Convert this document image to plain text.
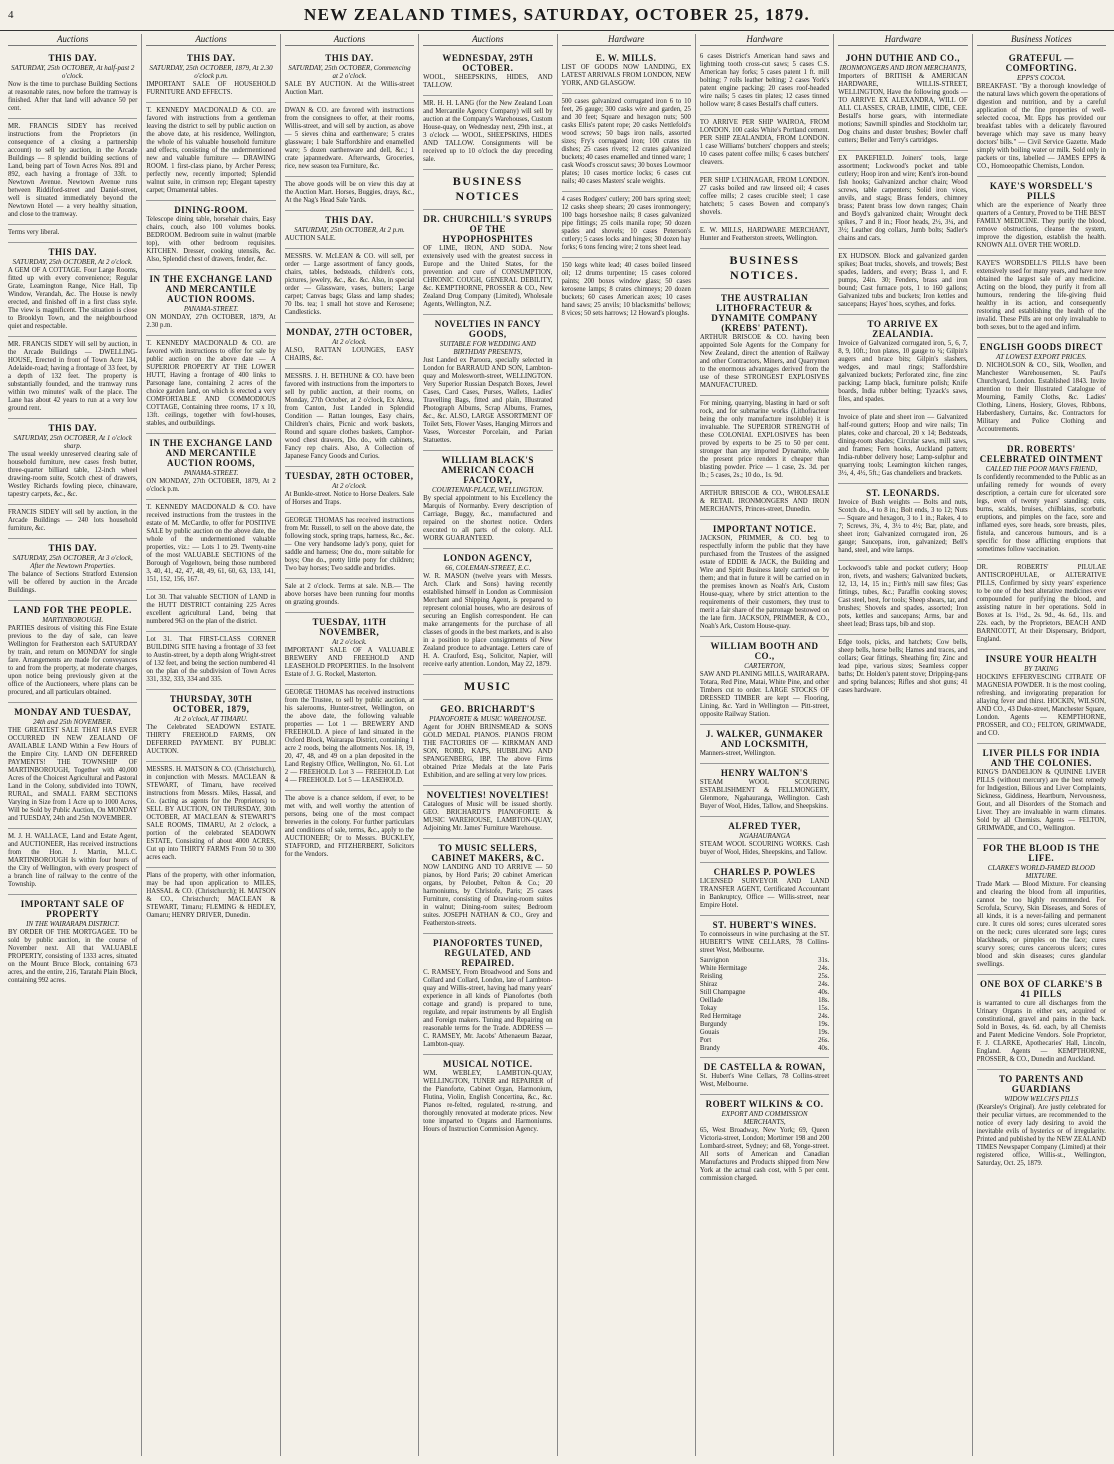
4	NEW ZEALAND TIMES, SATURDAY, OCTOBER 25, 1879.
Auctions
THIS DAY.
SATURDAY, 25th OCTOBER, At half-past 2 o'clock.
Now is the time to purchase Building Sections at reasonable rates, now before the tramway is finished. After that land will advance 50 per cent.
MR. FRANCIS SIDEY has received instructions from the Proprietors (in consequence of a closing a partnership account) to sell by auction, in the Arcade Buildings — 8 splendid building sections of Land, being part of Town Acres Nos. 891 and 892, each having a frontage of 33ft. to Newtown Avenue. Newtown Avenue runs between Riddiford-street and Daniel-street, well is situated immediately beyond the Newtown Hotel — a very healthy situation, and close to the tramway.
Terms very liberal.
THIS DAY.
SATURDAY, 25th OCTOBER, At 2 o'clock.
A GEM OF A COTTAGE. Four Large Rooms, fitted up with every convenience; Regular Grate, Leamington Range, Nice Hall, Tip Window, Verandah, &c. The House is newly erected, and finished off in a first class style. The view is magnificent. The situation is close to Brooklyn Town, and the neighbourhood quiet and respectable.
MR. FRANCIS SIDEY will sell by auction, in the Arcade Buildings — DWELLING-HOUSE, Erected in front of Town Acre 134, Adelaide-road; having a frontage of 33 feet, by a depth of 132 feet. The property is substantially founded, and the tramway runs within two minutes' walk of the place. The Lane has about 42 years to run at a very low ground rent.
THIS DAY.
SATURDAY, 25th OCTOBER, At 1 o'clock sharp.
The usual weekly unreserved clearing sale of household furniture, new cases fresh butter, three-quarter billiard table, 12-inch wheel drawing-room suite, Scotch chest of drawers, Westley Richards fowling piece, chinaware, tapestry carpets, &c., &c.
FRANCIS SIDEY will sell by auction, in the Arcade Buildings — 240 lots household furniture, &c.
THIS DAY.
SATURDAY, 25th OCTOBER, At 3 o'clock, After the Newtown Properties.
The balance of Sections Stratford Extension will be offered by auction in the Arcade Buildings.
LAND FOR THE PEOPLE.
MARTINBOROUGH.
PARTIES desirous of visiting this Fine Estate previous to the day of sale, can leave Wellington for Featherston each SATURDAY by train, and return on MONDAY for single fare. Arrangements are made for conveyances to and from the property, at moderate charges, upon notice being previously given at the office of the Auctioneers, where plans can be procured, and all particulars obtained.
MONDAY AND TUESDAY,
24th and 25th NOVEMBER.
THE GREATEST SALE THAT HAS EVER OCCURRED IN NEW ZEALAND OF AVAILABLE LAND Within a Few Hours of the Empire City. LAND ON DEFERRED PAYMENTS! THE TOWNSHIP OF MARTINBOROUGH, Together with 40,000 Acres of the Choicest Agricultural and Pastoral Land in the Colony, subdivided into TOWN, RURAL, and SMALL FARM SECTIONS Varying in Size from 1 Acre up to 1000 Acres, Will be Sold by Public Auction, On MONDAY and TUESDAY, 24th and 25th NOVEMBER.
M. J. H. WALLACE, Land and Estate Agent, and AUCTIONEER, Has received instructions from the Hon. J. Martin, M.L.C. MARTINBOROUGH Is within four hours of the City of Wellington, with every prospect of a branch line of railway to the centre of the Township.
IMPORTANT SALE OF PROPERTY
IN THE WAIRARAPA DISTRICT.
BY ORDER OF THE MORTGAGEE. TO be sold by public auction, in the course of November next. All that VALUABLE PROPERTY, consisting of 1333 acres, situated on the Mount Bruce Block, containing 673 acres, and the entire, 216, Taratahi Plain Block, containing 992 acres.
Auctions
THIS DAY.
SATURDAY, 25th OCTOBER, 1879, At 2.30 o'clock p.m.
IMPORTANT SALE OF HOUSEHOLD FURNITURE AND EFFECTS.
T. KENNEDY MACDONALD & CO. are favored with instructions from a gentleman leaving the district to sell by public auction on the above date, at his residence, Wellington, the whole of his valuable household furniture and effects, consisting of the undermentioned new and valuable furniture — DRAWING ROOM. 1 first-class piano, by Archer Peress; perfectly new, recently imported; Splendid walnut suite, in crimson rep; Elegant tapestry carpet; Ornamental tables.
DINING-ROOM.
Telescope dining table, horsehair chairs, Easy chairs, couch, also 100 volumes books. BEDROOM. Bedroom suite in walnut (marble top), with other bedroom requisites. KITCHEN. Dresser, cooking utensils, &c. Also, Splendid chest of drawers, fender, &c.
IN THE EXCHANGE LAND AND MERCANTILE AUCTION ROOMS.
PANAMA-STREET.
ON MONDAY, 27th OCTOBER, 1879, At 2.30 p.m.
T. KENNEDY MACDONALD & CO. are favored with instructions to offer for sale by public auction on the above date — A SUPERIOR PROPERTY AT THE LOWER HUTT, Having a frontage of 400 links to Parsonage lane, containing 2 acres of the choice garden land, on which is erected a very COMFORTABLE AND COMMODIOUS COTTAGE, Containing three rooms, 17 x 10, 13ft. ceilings, together with fowl-houses, stables, and outbuildings.
IN THE EXCHANGE LAND AND MERCANTILE AUCTION ROOMS,
PANAMA-STREET.
ON MONDAY, 27th OCTOBER, 1879, At 2 o'clock p.m.
T. KENNEDY MACDONALD & CO. have received instructions from the trustees in the estate of M. McCardle, to offer for POSITIVE SALE by public auction on the above date, the whole of the undermentioned valuable properties, viz.: — Lots 1 to 29. Twenty-nine of the most VALUABLE SECTIONS of the Borough of Vogeltown, being those numbered 3, 40, 41, 42, 47, 48, 49, 61, 60, 63, 133, 141, 151, 152, 156, 167.
Lot 30. That valuable SECTION of LAND in the HUTT DISTRICT containing 225 Acres excellent agricultural Land, being that numbered 963 on the plan of the district.
Lot 31. That FIRST-CLASS CORNER BUILDING SITE having a frontage of 33 feet to Austin-street, by a depth along Wright-street of 132 feet, and being the section numbered 41 on the plan of the subdivision of Town Acres 331, 332, 333, 334 and 335.
THURSDAY, 30TH OCTOBER, 1879,
At 2 o'clock, AT TIMARU.
The Celebrated SEADOWN ESTATE. THIRTY FREEHOLD FARMS, ON DEFERRED PAYMENT. BY PUBLIC AUCTION.
MESSRS. H. MATSON & CO. (Christchurch), in conjunction with Messrs. MACLEAN & STEWART, of Timaru, have received instructions from Messrs. Miles, Hassal, and Co. (acting as agents for the Proprietors) to SELL BY AUCTION, ON THURSDAY, 30th OCTOBER, AT MACLEAN & STEWART'S SALE ROOMS, TIMARU, At 2 o'clock, a portion of the celebrated SEADOWN ESTATE, Consisting of about 4000 ACRES, Cut up into THIRTY FARMS From 50 to 300 acres each.
Plans of the property, with other information, may be had upon application to MILES, HASSAL & CO. (Christchurch); H. MATSON & CO., Christchurch; MACLEAN & STEWART, Timaru; FLEMING & HEDLEY, Oamaru; HENRY DRIVER, Dunedin.
Auctions
THIS DAY.
SATURDAY, 25th OCTOBER, Commencing at 2 o'clock.
SALE BY AUCTION. At the Willis-street Auction Mart.
DWAN & CO. are favored with instructions from the consignees to offer, at their rooms, Willis-street, and will sell by auction, as above — 5 sieves china and earthenware; 5 crates glassware; 1 bale Staffordshire and enamelled ware; 5 dozen earthenware and dell, &c.; 1 crate japannedware. Afterwards, Groceries, rice, new season tea Furniture, &c.
The above goods will be on view this day at the Auction Mart. Horses, Buggies, drays, &c., At the Nag's Head Sale Yards.
THIS DAY.
SATURDAY, 25th OCTOBER, At 2 p.m.
AUCTION SALE.
MESSRS. W. McLEAN & CO. will sell, per order — Large assortment of fancy goods, chairs, tables, bedsteads, children's cots, pictures, jewelry, &c., &c. &c. Also, in special order — Glassware, vases, butters; Large carpet; Canvas bags; Glass and lamp shades; 70 lbs. tea; 1 small hot stove and Kerosene; Candlesticks.
MONDAY, 27TH OCTOBER,
At 2 o'clock.
ALSO, RATTAN LOUNGES, EASY CHAIRS, &c.
MESSRS. J. H. BETHUNE & CO. have been favored with instructions from the importers to sell by public auction, at their rooms, on Monday, 27th October, at 2 o'clock, Ex Alexa, from Canton, Just Landed in Splendid Condition — Rattan lounges, Easy chairs, Children's chairs, Picnic and work baskets, Round and square clothes baskets, Camphor-wood chest drawers, Do. do., with cabinets, Fancy rep chairs. Also, A Collection of Japanese Fancy Goods and Curios.
TUESDAY, 28TH OCTOBER,
At 2 o'clock.
At Bunkle-street. Notice to Horse Dealers. Sale of Horses and Traps.
GEORGE THOMAS has received instructions from Mr. Russell, to sell on the above date, the following stock, spring traps, harness, &c., &c. — One very handsome lady's pony, quiet for saddle and harness; One do., more suitable for boys; One do., pretty little pony for children; Two bay horses; Two saddle and bridles.
Sale at 2 o'clock. Terms at sale. N.B.— The above horses have been running four months on grazing grounds.
TUESDAY, 11TH NOVEMBER,
At 2 o'clock.
IMPORTANT SALE OF A VALUABLE BREWERY AND FREEHOLD AND LEASEHOLD PROPERTIES. In the Insolvent Estate of J. G. Rockel, Masterton.
GEORGE THOMAS has received instructions from the Trustee, to sell by public auction, at his salerooms, Hunter-street, Wellington, on the above date, the following valuable properties — Lot 1 — BREWERY AND FREEHOLD. A piece of land situated in the Oxford Block, Wairarapa District, containing 1 acre 2 roods, being the allotments Nos. 18, 19, 20, 47, 48, and 49 on a plan deposited in the Land Registry Office, Wellington, No. 61. Lot 2 — FREEHOLD. Lot 3 — FREEHOLD. Lot 4 — FREEHOLD. Lot 5 — LEASEHOLD.
The above is a chance seldom, if ever, to be met with, and well worthy the attention of persons, being one of the most compact breweries in the colony. For further particulars and conditions of sale, terms, &c., apply to the AUCTIONEER; Or to Messrs. BUCKLEY, STAFFORD, and FITZHERBERT, Solicitors for the Vendors.
Auctions
WEDNESDAY, 29TH OCTOBER.
WOOL, SHEEPSKINS, HIDES, AND TALLOW.
MR. H. H. LANG (for the New Zealand Loan and Mercantile Agency Company) will sell by auction at the Company's Warehouses, Custom House-quay, on Wednesday next, 29th inst., at 3 o'clock — WOOL, SHEEPSKINS, HIDES AND TALLOW. Consignments will be received up to 10 o'clock the day preceding sale.
BUSINESS NOTICES
DR. CHURCHILL'S SYRUPS OF THE HYPOPHOSPHITES
OF LIME, IRON, AND SODA. Now extensively used with the greatest success in Europe and the United States, for the prevention and cure of CONSUMPTION, CHRONIC COUGH, GENERAL DEBILITY, &c. KEMPTHORNE, PROSSER & CO., New Zealand Drug Company (Limited), Wholesale Agents, Wellington, N.Z.
NOVELTIES IN FANCY GOODS,
SUITABLE FOR WEDDING AND BIRTHDAY PRESENTS,
Just Landed ex Paroora, specially selected in London for BARRAUD AND SON, Lambton-quay and Molesworth-street, WELLINGTON. Very Superior Russian Despatch Boxes, Jewel Cases, Card Cases, Purses, Wallets, Ladies' Travelling Bags, fitted and plain, Illustrated Photograph Albums, Scrap Albums, Frames, &c., &c. ALSO, LARGE ASSORTMENT OF Toilet Sets, Flower Vases, Hanging Mirrors and Vases, Worcester Porcelain, and Parian Statuettes.
WILLIAM BLACK'S AMERICAN COACH FACTORY,
COURTENAY-PLACE, WELLINGTON.
By special appointment to his Excellency the Marquis of Normanby. Every description of Carriage, Buggy, &c., manufactured and repaired on the shortest notice. Orders executed to all parts of the colony. ALL WORK GUARANTEED.
LONDON AGENCY,
66, COLEMAN-STREET, E.C.
W. R. MASON (twelve years with Messrs. Arch. Clark and Sons) having recently established himself in London as Commission Merchant and Shipping Agent, is prepared to represent colonial houses, who are desirous of securing an English correspondent. He can make arrangements for the purchase of all classes of goods in the best markets, and is also in a position to place consignments of New Zealand produce to advantage. Letters care of H. A. Crauford, Esq., Solicitor, Napier, will receive early attention. London, May 22, 1879.
MUSIC
GEO. BRICHARDT'S
PIANOFORTE & MUSIC WAREHOUSE.
Agent for JOHN BRINSMEAD & SONS GOLD MEDAL PIANOS. PIANOS FROM THE FACTORIES OF — KIRKMAN AND SON, RORD, KAPS, HUBBLING AND SPANGENBERG, IBP. The above Firms obtained Prize Medals at the late Paris Exhibition, and are selling at very low prices.
NOVELTIES! NOVELTIES!
Catalogues of Music will be issued shortly. GEO. BRICHARDT'S PIANOFORTE & MUSIC WAREHOUSE, LAMBTON-QUAY, Adjoining Mr. James' Furniture Warehouse.
TO MUSIC SELLERS, CABINET MAKERS, &C.
NOW LANDING AND TO ARRIVE — 50 pianos, by Hord Paris; 20 cabinet American organs, by Peloubet, Pelton & Co.; 20 harmoniums, by Christofe, Paris; 25 cases Furniture, consisting of Drawing-room suites in walnut; Dining-room suites; Bedroom suites. JOSEPH NATHAN & CO., Grey and Featherston-streets.
PIANOFORTES TUNED, REGULATED, AND REPAIRED.
C. RAMSEY, From Broadwood and Sons and Collard and Collard, London, late of Lambton-quay and Willis-street, having had many years' experience in all kinds of Pianofortes (both cottage and grand) is prepared to tune, regulate, and repair instruments by all English and Foreign makers. Tuning and Repairing on reasonable terms for the Trade. ADDRESS — C. RAMSEY, Mr. Jacobs' Athenaeum Bazaar, Lambton-quay.
MUSICAL NOTICE.
WM. WEBLEY, LAMBTON-QUAY, WELLINGTON, TUNER and REPAIRER of the Pianoforte, Cabinet Organ, Harmonium, Flutina, Violin, English Concertina, &c., &c. Pianos re-felted, regulated, re-strung, and thoroughly renovated at moderate prices. New tone imparted to Organs and Harmoniums. Hours of Instruction Commission Agency.
Hardware
E. W. MILLS.
LIST OF GOODS NOW LANDING, EX LATEST ARRIVALS FROM LONDON, NEW YORK, AND GLASGOW.
500 cases galvanized corrugated iron 6 to 10 feet, 26 gauge; 300 casks wire and garden, 25 and 30 feet; Square and hexagon nuts; 500 casks Ellis's patent rope; 20 casks Nettlefold's wood screws; 50 bags iron nails, assorted sizes; Fry's corrugated iron; 100 crates tin dishes; 25 cases rivets; 12 crates galvanized buckets; 40 cases enamelled and tinned ware; 1 cask Wood's crosscut saws; 30 boxes Lowmoor plates; 10 cases mortice locks; 6 cases cut nails; 40 cases Masters' scale weights.
4 cases Rodgers' cutlery; 200 bars spring steel; 12 casks sheep shears; 20 cases ironmongery; 100 bags horseshoe nails; 8 cases galvanized pipe fittings; 25 coils manila rope; 50 dozen spades and shovels; 10 cases Peterson's cutlery; 5 cases locks and hinges; 30 dozen hay forks; 6 tons fencing wire; 2 tons sheet lead.
150 kegs white lead; 40 cases boiled linseed oil; 12 drums turpentine; 15 cases colored paints; 200 boxes window glass; 50 cases kerosene lamps; 8 crates chimneys; 20 dozen buckets; 60 cases American axes; 10 cases hand saws; 25 anvils; 10 blacksmiths' bellows; 8 vices; 50 sets harrows; 12 Howard's ploughs.
Hardware
6 cases District's American hand saws and lightning tooth cross-cut saws; 5 cases C.S. American hay forks; 5 cases patent 1 ft. mill bolting; 7 rolls leather belting; 2 cases York's patent engine packing; 20 cases roof-headed wire nails; 5 cases tin plates; 12 cases tinned hollow ware; 8 cases Bestall's chaff cutters.
TO ARRIVE PER SHIP WAIROA, FROM LONDON. 100 casks White's Portland cement. PER SHIP ZEALANDIA, FROM LONDON. 1 case Williams' butchers' choppers and steels; 10 cases patent coffee mills; 6 cases butchers' cleavers.
PER SHIP L'CHINAGAR, FROM LONDON. 27 casks boiled and raw linseed oil; 4 cases coffee mills; 2 cases crucible steel; 1 case hatchets; 5 cases Bowen and company's shovels.
E. W. MILLS, HARDWARE MERCHANT, Hunter and Featherston streets, Wellington.
BUSINESS NOTICES.
THE AUSTRALIAN LITHOFRACTEUR & DYNAMITE COMPANY (KREBS' PATENT).
ARTHUR BRISCOE & CO. having been appointed Sole Agents for the Company for New Zealand, direct the attention of Railway and other Contractors, Miners, and Quarrymen to the enormous advantages derived from the use of these STRONGEST EXPLOSIVES MANUFACTURED.
For mining, quarrying, blasting in hard or soft rock, and for submarine works (Lithofracteur being the only manufacture insoluble) it is invaluable. The SUPERIOR STRENGTH of these COLONIAL EXPLOSIVES has been proved by experts to be 25 to 50 per cent. stronger than any imported Dynamite, while the present price renders it cheaper than blasting powder. Price — 1 case, 2s. 3d. per lb.; 5 cases, 2s.; 10 do., 1s. 9d.
ARTHUR BRISCOE & CO., WHOLESALE & RETAIL IRONMONGERS AND IRON MERCHANTS, Princes-street, Dunedin.
IMPORTANT NOTICE.
JACKSON, PRIMMER, & CO. beg to respectfully inform the public that they have purchased from the Trustees of the assigned estate of EDDIE & JACK, the Building and Wire and Spirit Business lately carried on by them; and that in future it will be carried on in the premises known as Noah's Ark, Custom House-quay, where by strict attention to the requirements of their customers, they trust to merit a fair share of the patronage bestowed on the late firm. JACKSON, PRIMMER, & CO., Noah's Ark, Custom House-quay.
WILLIAM BOOTH AND CO.,
CARTERTON,
SAW AND PLANING MILLS, WAIRARAPA. Totara, Red Pine, Matai, White Pine, and other Timbers cut to order. LARGE STOCKS OF DRESSED TIMBER are kept — Flooring, Lining, &c. Yard in Wellington — Pitt-street, opposite Railway Station.
J. WALKER, GUNMAKER AND LOCKSMITH,
Manners-street, Wellington.
HENRY WALTON'S
STEAM WOOL SCOURING ESTABLISHMENT & FELLMONGERY, Glenmore, Ngahauranga, Wellington. Cash Buyer of Wool, Hides, Tallow, and Sheepskins.
ALFRED TYER,
NGAHAURANGA
STEAM WOOL SCOURING WORKS. Cash buyer of Wool, Hides, Sheepskins, and Tallow.
CHARLES P. POWLES
LICENSED SURVEYOR AND LAND TRANSFER AGENT, Certificated Accountant in Bankruptcy, Office — Willis-street, near Empire Hotel.
ST. HUBERT'S WINES.
To connoisseurs in wine purchasing at the ST. HUBERT'S WINE CELLARS, 78 Collins-street West, Melbourne.
Sauvignon	31s.
White Hermitage	24s.
Reisling	25s.
Shiraz	24s.
Still Champagne	40s.
Oeillade	18s.
Tokay	15s.
Red Hermitage	24s.
Burgundy	19s.
Gouais	19s.
Port	26s.
Brandy	40s.
DE CASTELLA & ROWAN,
St. Hubert's Wine Cellars, 78 Collins-street West, Melbourne.
ROBERT WILKINS & CO.
EXPORT AND COMMISSION MERCHANTS,
65, West Broadway, New York; 69, Queen Victoria-street, London; Mortimer 198 and 200 Lombard-street, Sydney; and 68, Yonge-street. All sorts of American and Canadian Manufactures and Products shipped from New York at the actual cash cost, with 5 per cent. commission charged.
Hardware
JOHN DUTHIE AND CO.,
IRONMONGERS AND IRON MERCHANTS,
Importers of BRITISH & AMERICAN HARDWARE, WILLIS-STREET, WELLINGTON, Have the following goods — TO ARRIVE EX ALEXANDRA, WILL OF ALL CLASSES, CRAB, LIMIE, CIDE, CEE. Bestall's horse gears, with intermediate motions; Sawmill spindles and Stockholm tar; Dog chains and duster brushes; Bowler chaff cutters; Beller and Terry's cartridges.
EX PAKEFIELD. Joiners' tools, large assortment; Lockwood's pocket and table cutlery; Hoop iron and wire; Kent's iron-bound fish hooks; Galvanized anchor chain; Wood screws, table carpenters; Solid iron vices, anvils, and stags; Brass fenders, chimney brass; Patent brass low down ranges; Chain and Boyd's galvanized chain; Wrought deck spikes, 7 and 8 in.; Floor heads, 2½, 3¼, and 3½; Leather dog collars, Jumb bolts; Sadler's chains and cars.
EX HUDSON. Block and galvanized garden spikes; Boat trucks, shovels, and trowels; Best spades, ladders, and every; Brass 1, and F. pumps, 24in. 30; Fenders, brass and iron bound; Cast furnace pots, 1 to 160 gallons; Galvanized tubs and buckets; Iron kettles and saucepans; Hayes' hoes, scythes, and forks.
TO ARRIVE EX ZEALANDIA.
Invoice of Galvanized corrugated iron, 5, 6, 7, 8, 9, 10ft.; Iron plates, 10 gauge to ¼; Gilpin's augers and brace bits; Gilpin's slashers, wedges, and maul rings; Staffordshire galvanized buckets; Perforated zinc, fine zinc packing; Lamp black, furniture polish; Knife boards, India rubber belting; Tyzack's saws, files, and spades.
Invoice of plate and sheet iron — Galvanized half-round gutters; Hoop and wire nails; Tin plates, coke and charcoal, 20 x 14; Bedsteads, dining-room shades; Circular saws, mill saws, and frames; Fern hooks, Auckland pattern; India-rubber delivery hose; Lamp-sulphur and quarrying tools; Leamington kitchen ranges, 3½, 4, 4½, 5ft.; Gas chandeliers and brackets.
ST. LEONARDS.
Invoice of Bush weights — Bolts and nuts, Scotch do., 4 to 8 in.; Bolt ends, 3 to 12; Nuts — Square and hexagon, 3 to 1 in.; Rakes, 4 to 7; Screws, 3¾, 4, 3½ to 4½; Bar, plate, and sheet iron; Galvanized corrugated iron, 26 gauge; Saucepans, iron, galvanized; Bell's hand, steel, and wire lamps.
Lockwood's table and pocket cutlery; Hoop iron, rivets, and washers; Galvanized buckets, 12, 13, 14, 15 in.; Firth's mill saw files; Gas fittings, tubes, &c.; Paraffin cooking stoves; Cast steel, best, for tools; Sheep shears, tar, and brushes; Shovels and spades, assorted; Iron pots, kettles and saucepans; Arms, bar and sheet lead; Brass taps, bib and stop.
Edge tools, picks, and hatchets; Cow bells, sheep bells, horse bells; Hames and traces, and collars; Gear fittings, Sheathing fin; Zinc and lead pipe, various sizes; Seamless copper baths; Dr. Holden's patent stove; Dripping-pans and spring balances; Rifles and shot guns; 41 cases hardware.
Business Notices
GRATEFUL — COMFORTING.
EPPS'S COCOA.
BREAKFAST. "By a thorough knowledge of the natural laws which govern the operations of digestion and nutrition, and by a careful application of the fine properties of well-selected cocoa, Mr. Epps has provided our breakfast tables with a delicately flavoured beverage which may save us many heavy doctors' bills." — Civil Service Gazette. Made simply with boiling water or milk. Sold only in packets or tins, labelled — JAMES EPPS & CO., Homoeopathic Chemists, London.
KAYE'S WORSDELL'S PILLS
which are the experience of Nearly three quarters of a Century, Proved to be THE BEST FAMILY MEDICINE. They purify the blood, remove obstructions, cleanse the system, improve the digestion, establish the health. KNOWN ALL OVER THE WORLD.
KAYE'S WORSDELL'S PILLS have been extensively used for many years, and have now obtained the largest sale of any medicine. Acting on the blood, they purify it from all humours, rendering the life-giving fluid healthy in its action, and consequently restoring and establishing the health of the invalid. These Pills are not only invaluable to both sexes, but to the aged and infirm.
ENGLISH GOODS DIRECT
AT LOWEST EXPORT PRICES.
D. NICHOLSON & CO., Silk, Woollen, and Manchester Warehousemen, St. Paul's Churchyard, London. Established 1843. Invite attention to their Illustrated Catalogue of Mourning, Family Cloths, &c. Ladies' Clothing, Linens, Hosiery, Gloves, Ribbons, Haberdashery, Curtains, &c. Contractors for Military and Police Clothing and Accoutrements.
DR. ROBERTS' CELEBRATED OINTMENT
CALLED THE POOR MAN'S FRIEND,
Is confidently recommended to the Public as an unfailing remedy for wounds of every description, a certain cure for ulcerated sore legs, even of twenty years' standing; cuts, burns, scalds, bruises, chilblains, scorbutic eruptions, and pimples on the face, sore and inflamed eyes, sore heads, sore breasts, piles, fistula, and cancerous humours, and is a specific for those afflicting eruptions that sometimes follow vaccination.
DR. ROBERTS' PILULAE ANTISCROPHULAE, or ALTERATIVE PILLS, Confirmed by sixty years' experience to be one of the best alterative medicines ever compounded for purifying the blood, and assisting nature in her operations. Sold in Boxes at 1s. 1½d., 2s. 9d., 4s. 6d., 11s. and 22s. each, by the Proprietors, BEACH AND BARNICOTT, At their Dispensary, Bridport, England.
INSURE YOUR HEALTH
BY TAKING
HOCKIN'S EFFERVESCING CITRATE OF MAGNESIA POWDER. It is the most cooling, refreshing, and invigorating preparation for allaying fever and thirst. HOCKIN, WILSON, AND CO., 43 Duke-street, Manchester Square, London. Agents — KEMPTHORNE, PROSSER, and CO.; FELTON, GRIMWADE, and CO.
LIVER PILLS FOR INDIA AND THE COLONIES.
KING'S DANDELION & QUININE LIVER PILLS (without mercury) are the best remedy for Indigestion, Bilious and Liver Complaints, Sickness, Giddiness, Heartburn, Nervousness, Gout, and all Disorders of the Stomach and Liver. They are invaluable in warm climates. Sold by all Chemists. Agents — FELTON, GRIMWADE, and CO., Wellington.
FOR THE BLOOD IS THE LIFE.
CLARKE'S WORLD-FAMED BLOOD MIXTURE.
Trade Mark — Blood Mixture. For cleansing and clearing the blood from all impurities, cannot be too highly recommended. For Scrofula, Scurvy, Skin Diseases, and Sores of all kinds, it is a never-failing and permanent cure. It cures old sores; cures ulcerated sores on the neck; cures ulcerated sore legs; cures blackheads, or pimples on the face; cures scurvy sores; cures cancerous ulcers; cures blood and skin diseases; cures glandular swellings.
ONE BOX OF CLARKE'S B 41 PILLS
is warranted to cure all discharges from the Urinary Organs in either sex, acquired or constitutional, gravel and pains in the back. Sold in Boxes, 4s. 6d. each, by all Chemists and Patent Medicine Vendors. Sole Proprietor, F. J. CLARKE, Apothecaries' Hall, Lincoln, England. Agents — KEMPTHORNE, PROSSER, & CO., Dunedin and Auckland.
TO PARENTS AND GUARDIANS
WIDOW WELCH'S PILLS
(Kearsley's Original). Are justly celebrated for their peculiar virtues, are recommended to the notice of every lady desiring to avoid the inevitable evils of hysterics or of irregularity. Printed and published by the NEW ZEALAND TIMES Newspaper Company (Limited) at their registered office, Willis-st., Wellington, Saturday, Oct. 25, 1879.
